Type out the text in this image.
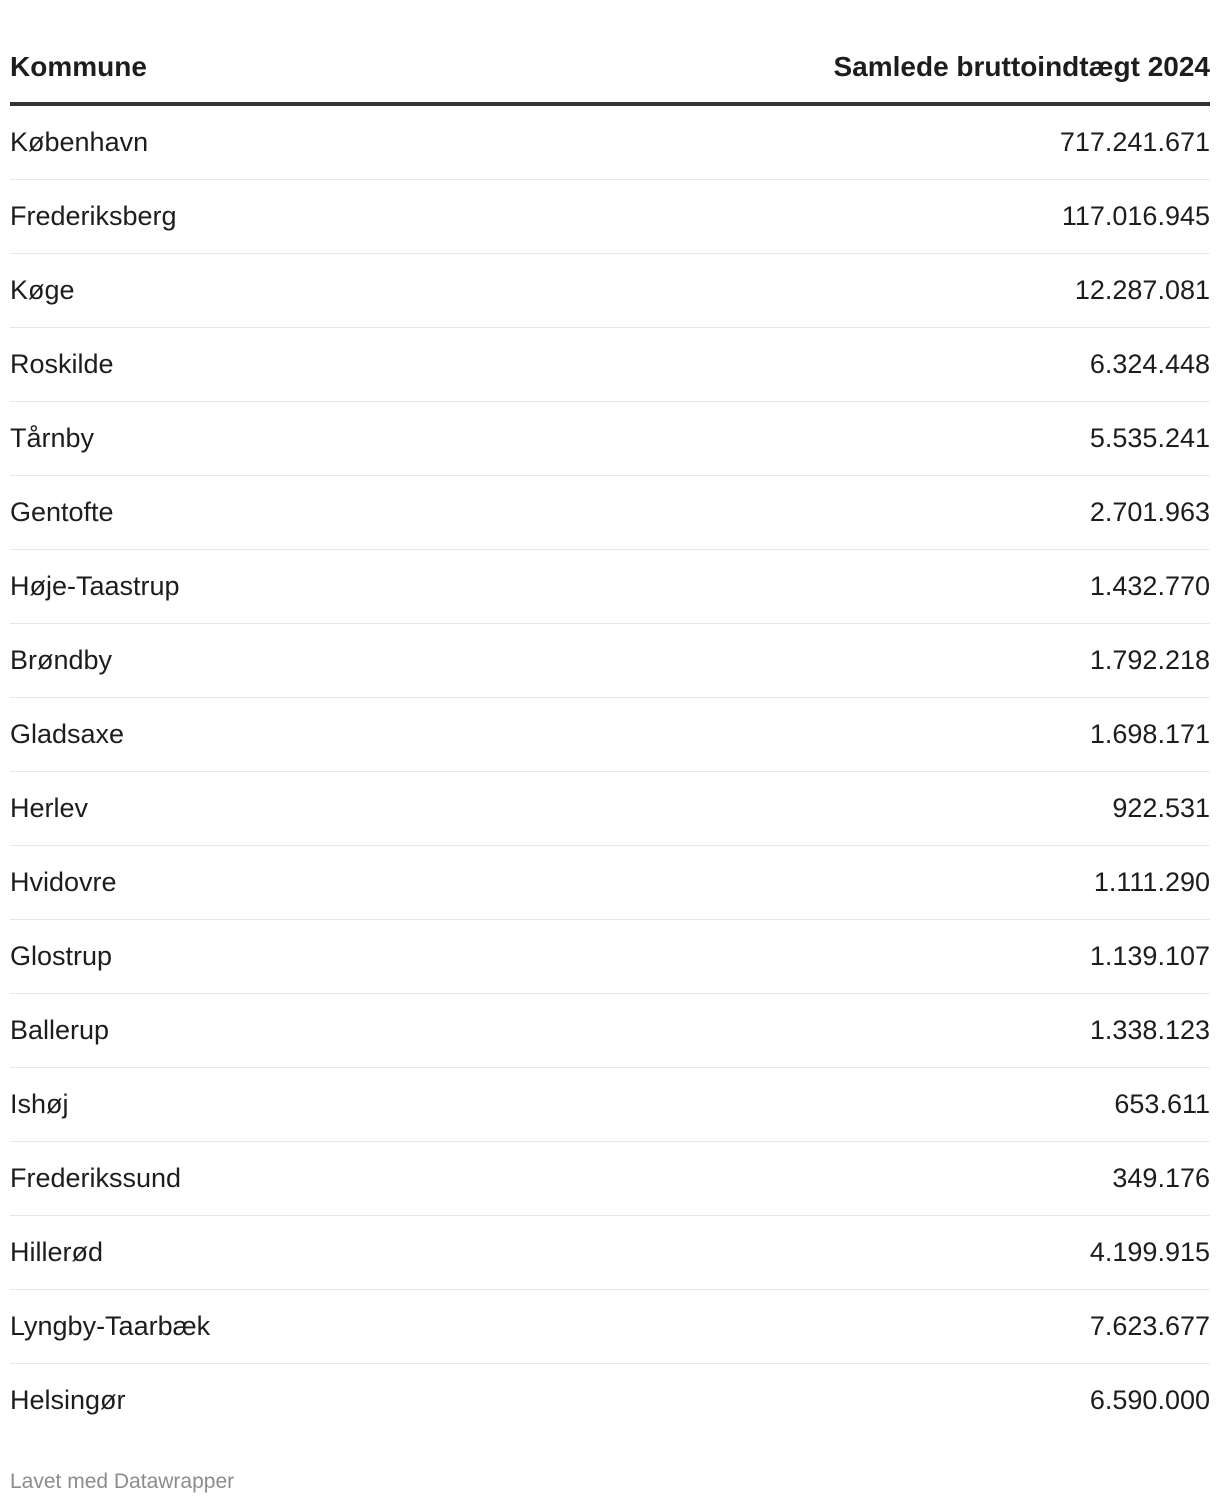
Kommune	Samlede bruttoindtægt 2024
København	717.241.671
Frederiksberg	117.016.945
Køge	12.287.081
Roskilde	6.324.448
Tårnby	5.535.241
Gentofte	2.701.963
Høje-Taastrup	1.432.770
Brøndby	1.792.218
Gladsaxe	1.698.171
Herlev	922.531
Hvidovre	1.111.290
Glostrup	1.139.107
Ballerup	1.338.123
Ishøj	653.611
Frederikssund	349.176
Hillerød	4.199.915
Lyngby-Taarbæk	7.623.677
Helsingør	6.590.000
Lavet med Datawrapper
